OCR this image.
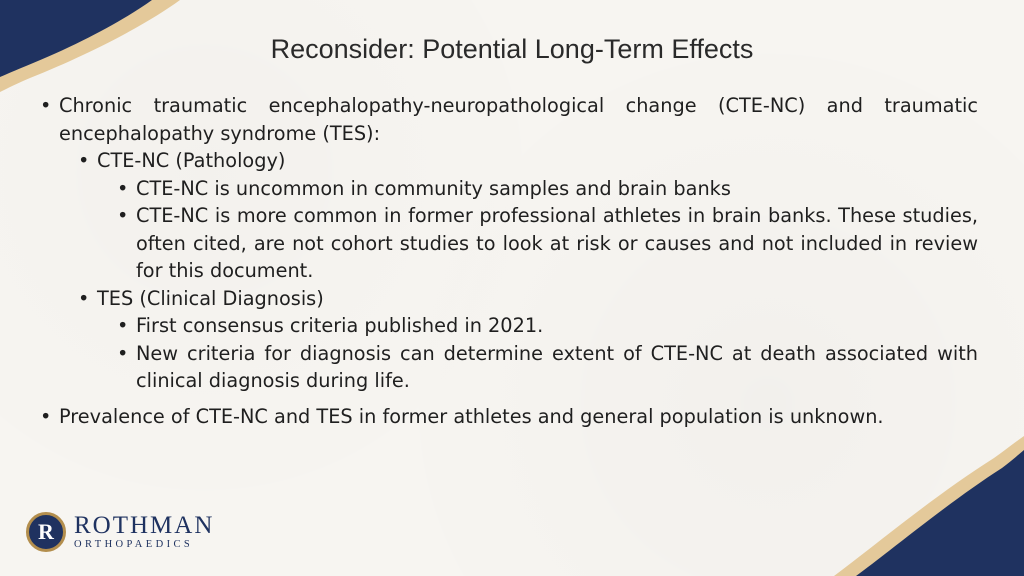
Reconsider: Potential Long-Term Effects
• Chronic traumatic encephalopathy-neuropathological change (CTE-NC) and traumatic encephalopathy syndrome (TES):
• CTE-NC (Pathology)
• CTE-NC is uncommon in community samples and brain banks
• CTE-NC is more common in former professional athletes in brain banks. These studies, often cited, are not cohort studies to look at risk or causes and not included in review for this document.
• TES (Clinical Diagnosis)
• First consensus criteria published in 2021.
• New criteria for diagnosis can determine extent of CTE-NC at death associated with clinical diagnosis during life.
• Prevalence of CTE-NC and TES in former athletes and general population is unknown.
R ROTHMAN
ORTHOPAEDICS
